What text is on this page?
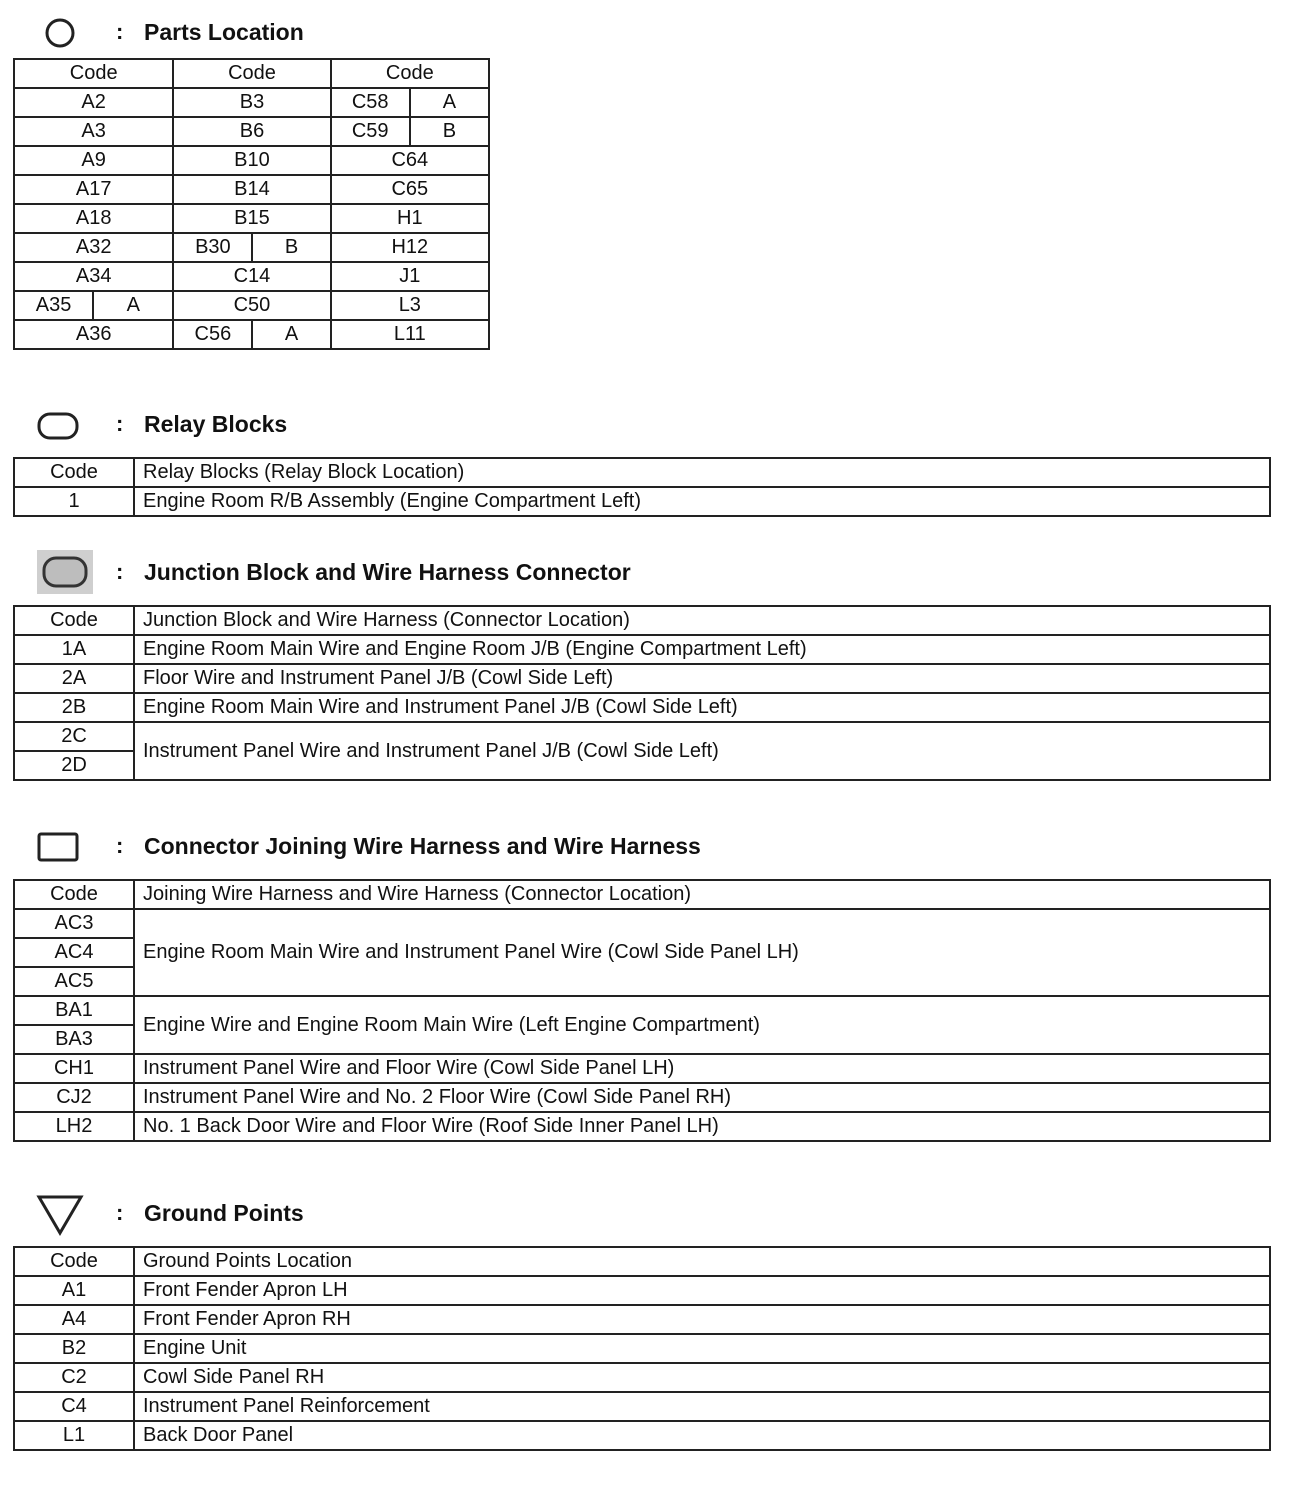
: Parts Location
Code		Code		Code	
A2		B3		C58	A
A3		B6		C59	B
A9		B10		C64	
A17		B14		C65	
A18		B15		H1	
A32		B30	B	H12	
A34		C14		J1	
A35	A	C50		L3	
A36		C56	A	L11	
: Relay Blocks
Code	Relay Blocks (Relay Block Location)
1	Engine Room R/B Assembly (Engine Compartment Left)
: Junction Block and Wire Harness Connector
Code	Junction Block and Wire Harness (Connector Location)
1A	Engine Room Main Wire and Engine Room J/B (Engine Compartment Left)
2A	Floor Wire and Instrument Panel J/B (Cowl Side Left)
2B	Engine Room Main Wire and Instrument Panel J/B (Cowl Side Left)
2C	Instrument Panel Wire and Instrument Panel J/B (Cowl Side Left)
2D	
: Connector Joining Wire Harness and Wire Harness
Code	Joining Wire Harness and Wire Harness (Connector Location)
AC3	Engine Room Main Wire and Instrument Panel Wire (Cowl Side Panel LH)
AC4	
AC5	
BA1	Engine Wire and Engine Room Main Wire (Left Engine Compartment)
BA3	
CH1	Instrument Panel Wire and Floor Wire (Cowl Side Panel LH)
CJ2	Instrument Panel Wire and No. 2 Floor Wire (Cowl Side Panel RH)
LH2	No. 1 Back Door Wire and Floor Wire (Roof Side Inner Panel LH)
: Ground Points
Code	Ground Points Location
A1	Front Fender Apron LH
A4	Front Fender Apron RH
B2	Engine Unit
C2	Cowl Side Panel RH
C4	Instrument Panel Reinforcement
L1	Back Door Panel
